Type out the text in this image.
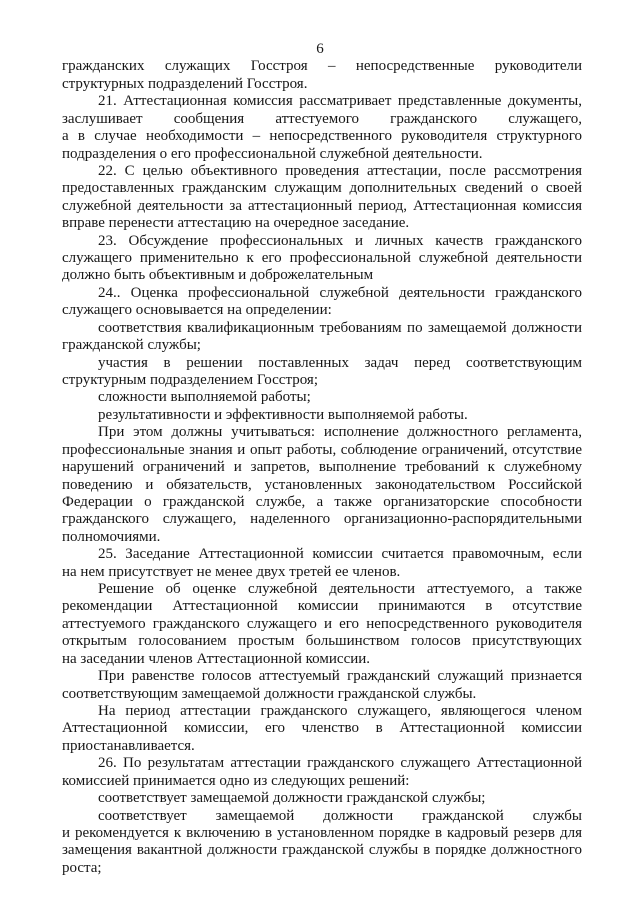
6
гражданских служащих Госстроя – непосредственные руководители
структурных подразделений Госстроя.
21. Аттестационная комиссия рассматривает представленные документы,
заслушивает сообщения аттестуемого гражданского служащего,
а в случае необходимости – непосредственного руководителя структурного
подразделения о его профессиональной служебной деятельности.
22. С целью объективного проведения аттестации, после рассмотрения
предоставленных гражданским служащим дополнительных сведений о своей
служебной деятельности за аттестационный период, Аттестационная комиссия
вправе перенести аттестацию на очередное заседание.
23. Обсуждение профессиональных и личных качеств гражданского
служащего применительно к его профессиональной служебной деятельности
должно быть объективным и доброжелательным
24.. Оценка профессиональной служебной деятельности гражданского
служащего основывается на определении:
соответствия квалификационным требованиям по замещаемой должности
гражданской службы;
участия в решении поставленных задач перед соответствующим
структурным подразделением Госстроя;
сложности выполняемой работы;
результативности и эффективности выполняемой работы.
При этом должны учитываться: исполнение должностного регламента,
профессиональные знания и опыт работы, соблюдение ограничений, отсутствие
нарушений ограничений и запретов, выполнение требований к служебному
поведению и обязательств, установленных законодательством Российской
Федерации о гражданской службе, а также организаторские способности
гражданского служащего, наделенного организационно-распорядительными
полномочиями.
25. Заседание Аттестационной комиссии считается правомочным, если
на нем присутствует не менее двух третей ее членов.
Решение об оценке служебной деятельности аттестуемого, а также
рекомендации Аттестационной комиссии принимаются в отсутствие
аттестуемого гражданского служащего и его непосредственного руководителя
открытым голосованием простым большинством голосов присутствующих
на заседании членов Аттестационной комиссии.
При равенстве голосов аттестуемый гражданский служащий признается
соответствующим замещаемой должности гражданской службы.
На период аттестации гражданского служащего, являющегося членом
Аттестационной комиссии, его членство в Аттестационной комиссии
приостанавливается.
26. По результатам аттестации гражданского служащего Аттестационной
комиссией принимается одно из следующих решений:
соответствует замещаемой должности гражданской службы;
соответствует замещаемой должности гражданской службы
и рекомендуется к включению в установленном порядке в кадровый резерв для
замещения вакантной должности гражданской службы в порядке должностного
роста;
